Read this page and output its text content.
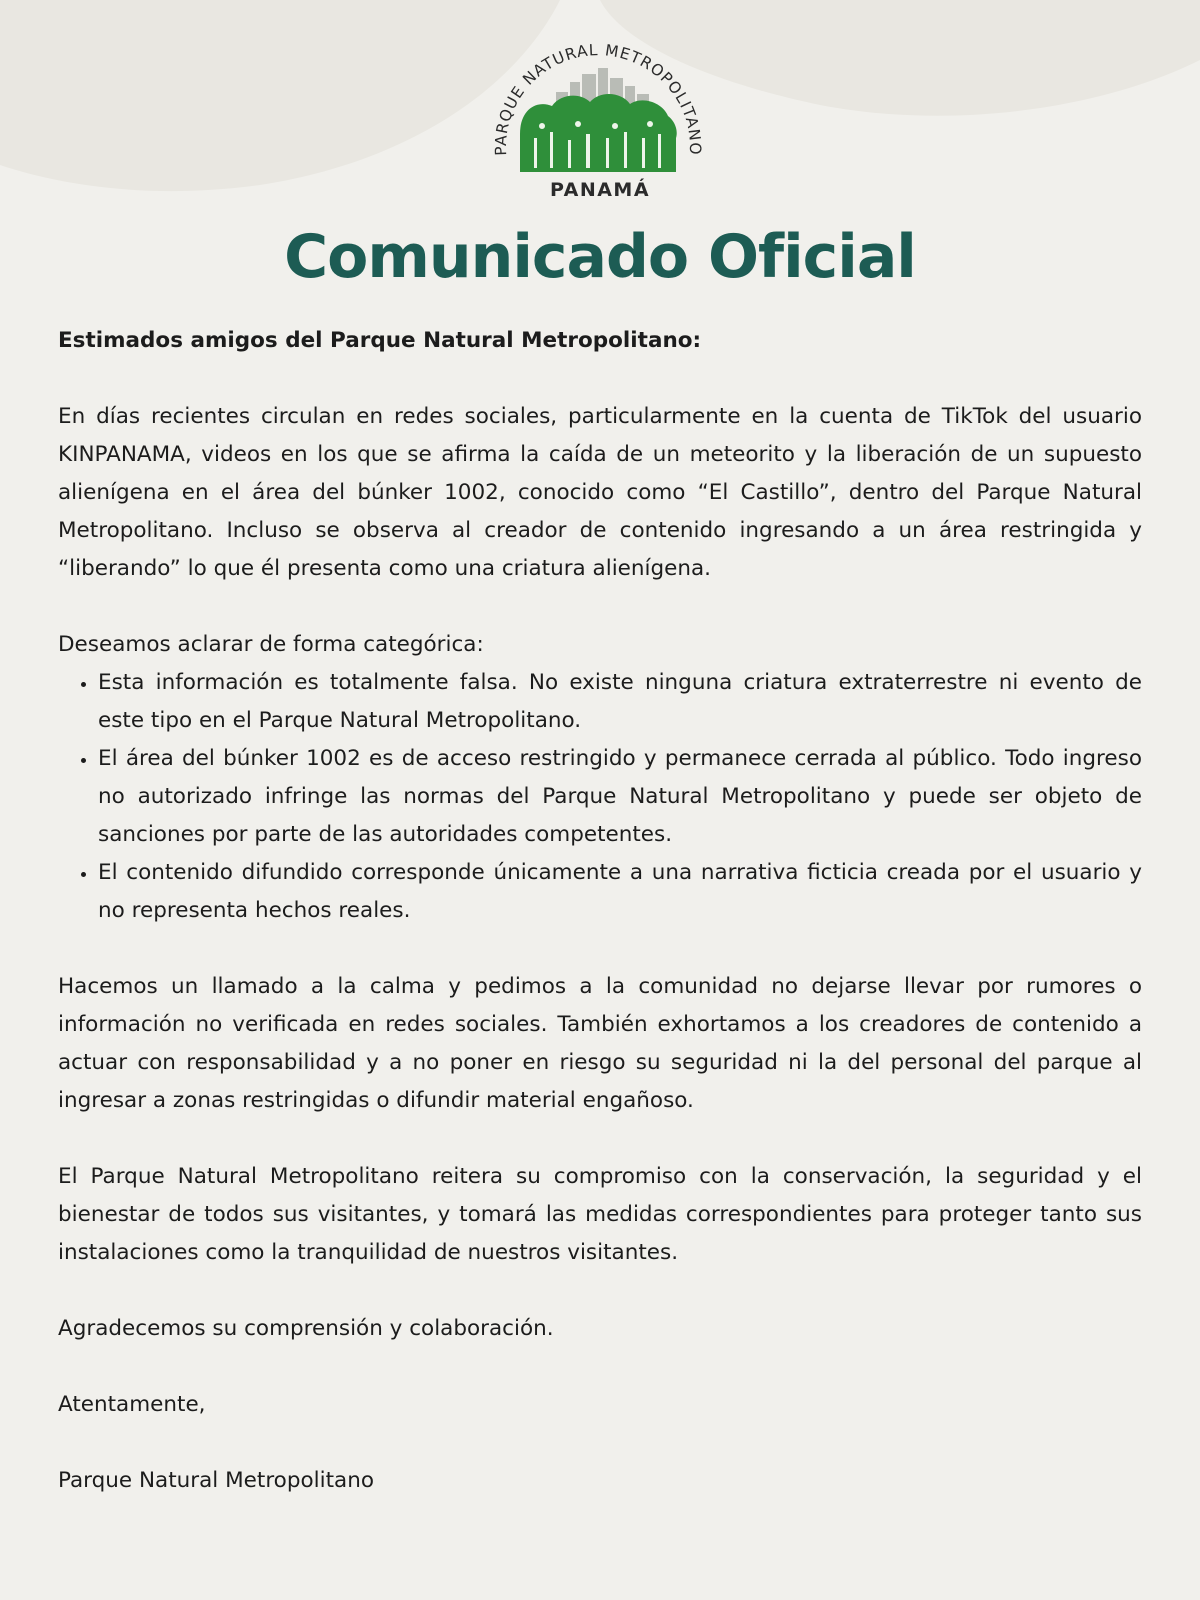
PARQUE NATURAL METROPOLITANO
PANAMÁ
Comunicado Oficial

Estimados amigos del Parque Natural Metropolitano:

En días recientes circulan en redes sociales, particularmente en la cuenta de TikTok del usuario KINPANAMA, videos en los que se afirma la caída de un meteorito y la liberación de un supuesto alienígena en el área del búnker 1002, conocido como “El Castillo”, dentro del Parque Natural Metropolitano. Incluso se observa al creador de contenido ingresando a un área restringida y “liberando” lo que él presenta como una criatura alienígena.

Deseamos aclarar de forma categórica:

• Esta información es totalmente falsa. No existe ninguna criatura extraterrestre ni evento de este tipo en el Parque Natural Metropolitano.
• El área del búnker 1002 es de acceso restringido y permanece cerrada al público. Todo ingreso no autorizado infringe las normas del Parque Natural Metropolitano y puede ser objeto de sanciones por parte de las autoridades competentes.
• El contenido difundido corresponde únicamente a una narrativa ficticia creada por el usuario y no representa hechos reales.

Hacemos un llamado a la calma y pedimos a la comunidad no dejarse llevar por rumores o información no verificada en redes sociales. También exhortamos a los creadores de contenido a actuar con responsabilidad y a no poner en riesgo su seguridad ni la del personal del parque al ingresar a zonas restringidas o difundir material engañoso.

El Parque Natural Metropolitano reitera su compromiso con la conservación, la seguridad y el bienestar de todos sus visitantes, y tomará las medidas correspondientes para proteger tanto sus instalaciones como la tranquilidad de nuestros visitantes.

Agradecemos su comprensión y colaboración.

Atentamente,

Parque Natural Metropolitano
